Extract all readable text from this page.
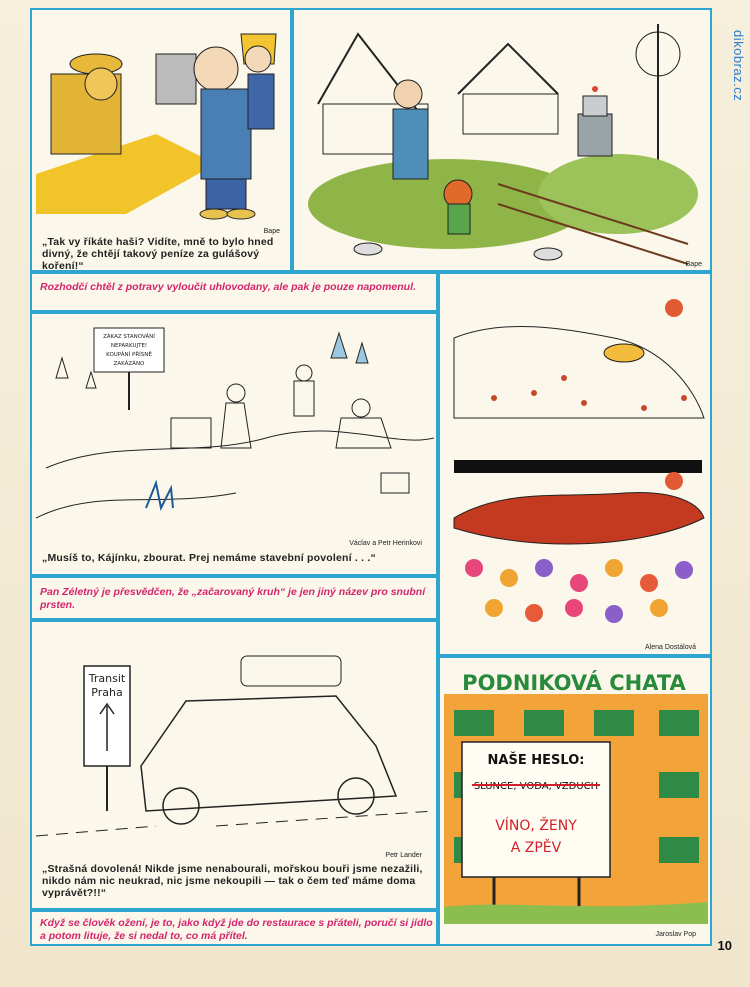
dikobraz.cz
Bape
„Tak vy říkáte haši? Vidíte, mně to bylo hned divný, že chtějí takový peníze za gulášový koření!“	Bape
Rozhodčí chtěl z potravy vyloučit uhlovodany, ale pak je pouze napomenul.
ZÁKAZ STANOVÁNÍ
NEPARKUJTE!
KOUPÁNÍ PŘÍSNĚ
ZAKÁZÁNO
Václav a Petr Herinkovi
„Musíš to, Kájínku, zbourat. Prej nemáme stavební povolení . . .“
Pan Zéletný je přesvědčen, že „začarovaný kruh“ je jen jiný název pro snubní prsten.
Alena Dostálová
Transit
Praha
Petr Lander
„Strašná dovolená! Nikde jsme nenabourali, mořskou bouři jsme nezažili, nikdo nám nic neukrad, nic jsme nekoupili — tak o čem teď máme doma vyprávět?!!“
PODNIKOVÁ CHATA
NAŠE HESLO:
SLUNCE, VODA, VZDUCH
VÍNO, ŽENY
A ZPĚV
Jaroslav Pop
Když se člověk ožení, je to, jako když jde do restaurace s přáteli, poručí si jídlo a potom lituje, že si nedal to, co má přítel.
10
